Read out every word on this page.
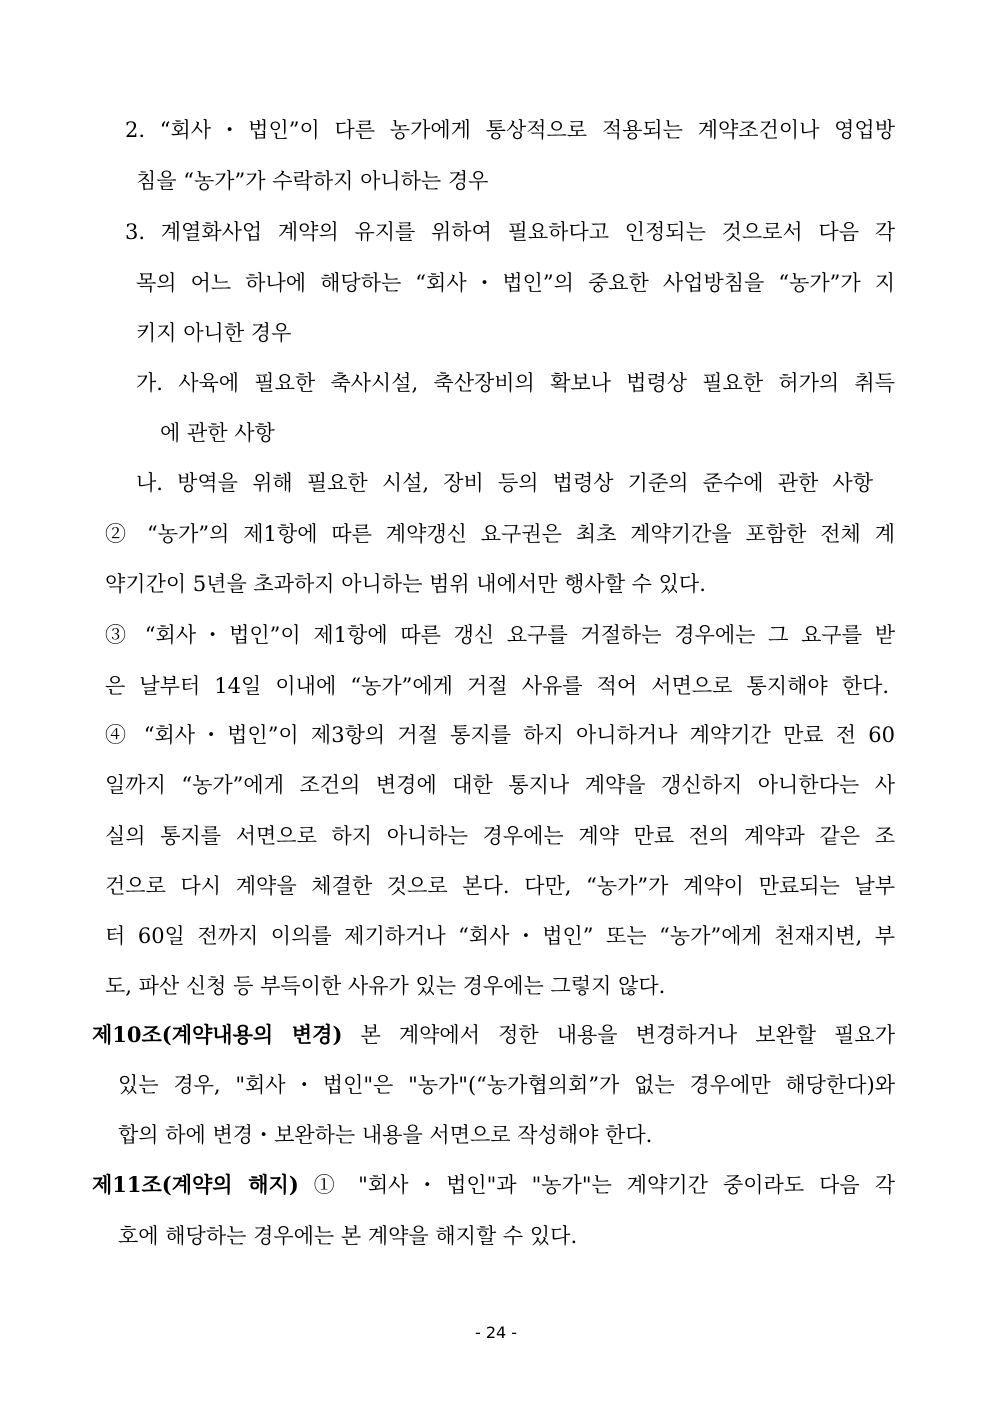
2. “회사・법인”이 다른 농가에게 통상적으로 적용되는 계약조건이나 영업방
침을 “농가”가 수락하지 아니하는 경우
3. 계열화사업 계약의 유지를 위하여 필요하다고 인정되는 것으로서 다음 각
목의 어느 하나에 해당하는 “회사・법인”의 중요한 사업방침을 “농가”가 지
키지 아니한 경우
가. 사육에 필요한 축사시설, 축산장비의 확보나 법령상 필요한 허가의 취득
에 관한 사항
나. 방역을 위해 필요한 시설, 장비 등의 법령상 기준의 준수에 관한 사항
② “농가”의 제1항에 따른 계약갱신 요구권은 최초 계약기간을 포함한 전체 계
약기간이 5년을 초과하지 아니하는 범위 내에서만 행사할 수 있다.
③ “회사・법인”이 제1항에 따른 갱신 요구를 거절하는 경우에는 그 요구를 받
은 날부터 14일 이내에 “농가”에게 거절 사유를 적어 서면으로 통지해야 한다.
④ “회사・법인”이 제3항의 거절 통지를 하지 아니하거나 계약기간 만료 전 60
일까지 “농가”에게 조건의 변경에 대한 통지나 계약을 갱신하지 아니한다는 사
실의 통지를 서면으로 하지 아니하는 경우에는 계약 만료 전의 계약과 같은 조
건으로 다시 계약을 체결한 것으로 본다. 다만, “농가”가 계약이 만료되는 날부
터 60일 전까지 이의를 제기하거나 “회사・법인” 또는 “농가”에게 천재지변, 부
도, 파산 신청 등 부득이한 사유가 있는 경우에는 그렇지 않다.
제10조(계약내용의 변경) 본 계약에서 정한 내용을 변경하거나 보완할 필요가
있는 경우, "회사・법인"은 "농가"(“농가협의회”가 없는 경우에만 해당한다)와
합의 하에 변경・보완하는 내용을 서면으로 작성해야 한다.
제11조(계약의 해지) ① "회사・법인"과 "농가"는 계약기간 중이라도 다음 각
호에 해당하는 경우에는 본 계약을 해지할 수 있다.
- 24 -
